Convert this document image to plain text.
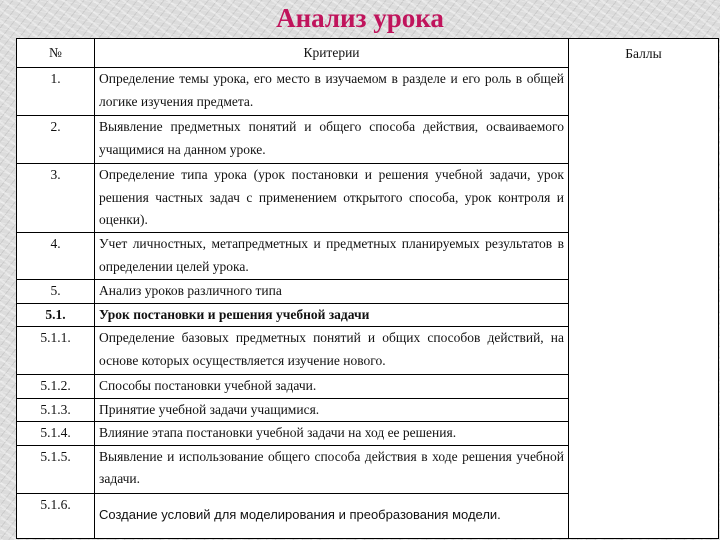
Анализ урока
№	Критерии	Баллы
1.	Определение темы урока, его место в изучаемом в разделе и его роль в общей логике изучения предмета.	
2.	Выявление предметных понятий и общего способа действия, осваиваемого учащимися на данном уроке.	
3.	Определение типа урока (урок постановки и решения учебной задачи, урок решения частных задач с применением открытого способа, урок контроля и оценки).	
4.	Учет личностных, метапредметных и предметных планируемых результатов в определении целей урока.	
5.	Анализ уроков различного типа	
5.1.	Урок постановки и решения учебной задачи	
5.1.1.	Определение базовых предметных понятий и общих способов действий, на основе которых осуществляется изучение нового.	
5.1.2.	Способы постановки учебной задачи.	
5.1.3.	Принятие учебной задачи учащимися.	
5.1.4.	Влияние этапа постановки учебной задачи на ход ее решения.	
5.1.5.	Выявление и использование общего способа действия в ходе решения учебной задачи.	
5.1.6.	Создание условий для моделирования и преобразования модели.	
